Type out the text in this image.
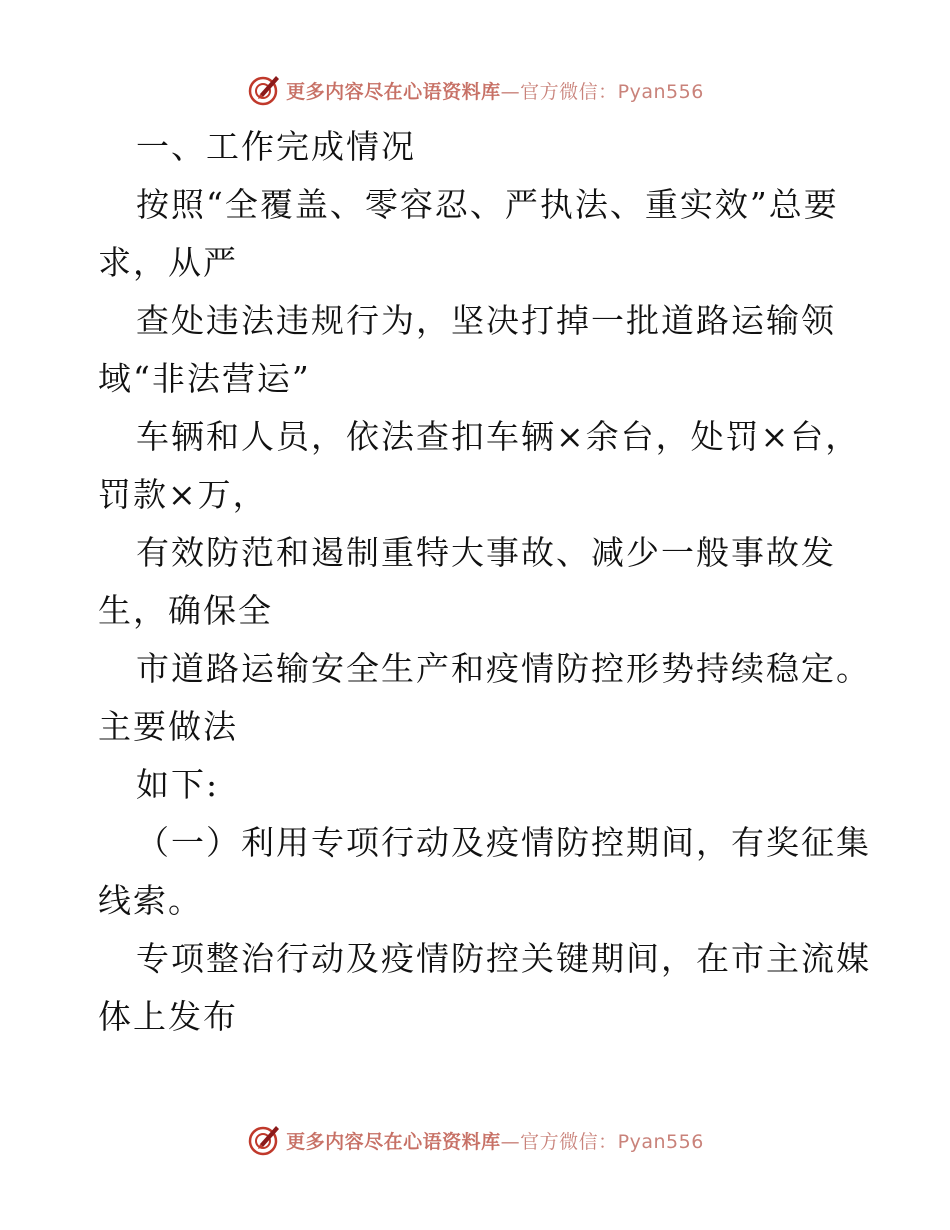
更多内容尽在心语资料库—官方微信：Pyan556
一、工作完成情况
按照“全覆盖、零容忍、严执法、重实效”总要
求，从严
查处违法违规行为，坚决打掉一批道路运输领
域“非法营运”
车辆和人员，依法查扣车辆×余台，处罚×台，
罚款×万，
有效防范和遏制重特大事故、减少一般事故发
生，确保全
市道路运输安全生产和疫情防控形势持续稳定。
主要做法
如下:
（一）利用专项行动及疫情防控期间，有奖征集
线索。
专项整治行动及疫情防控关键期间，在市主流媒
体上发布
更多内容尽在心语资料库—官方微信：Pyan556
